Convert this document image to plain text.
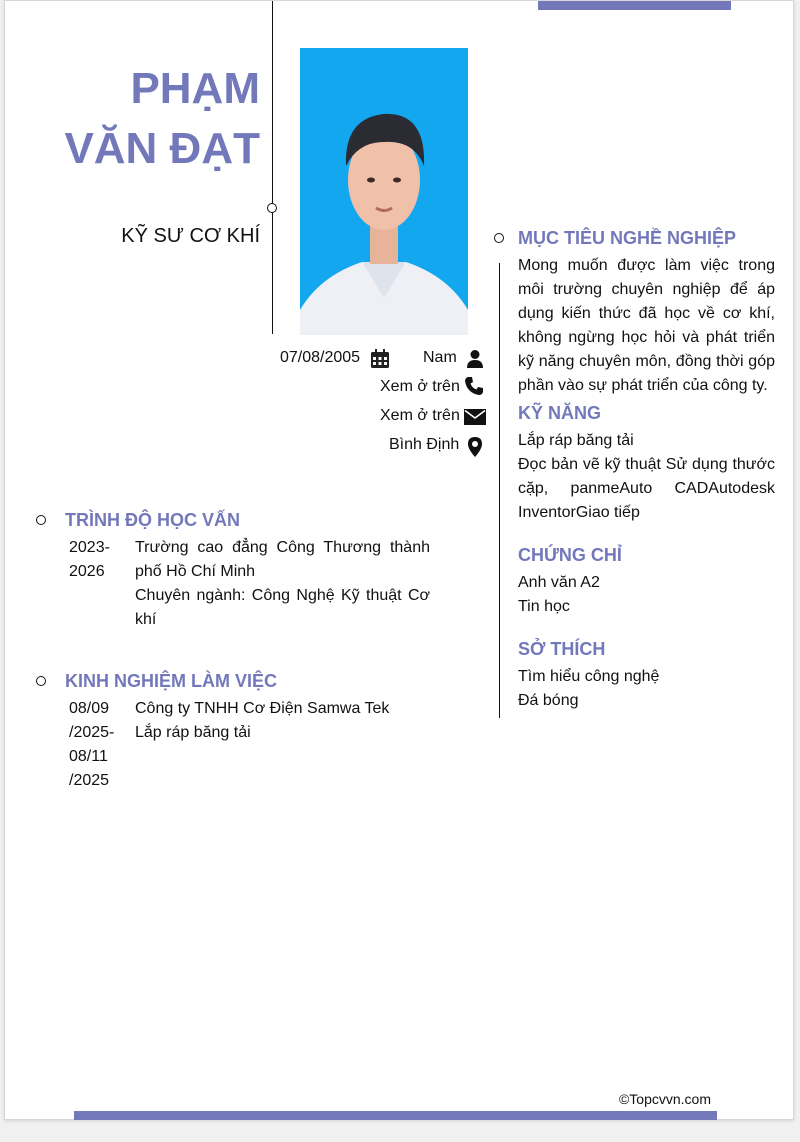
PHẠM
VĂN ĐẠT
KỸ SƯ CƠ KHÍ
07/08/2005	Nam
Xem ở trên
Xem ở trên
Bình Định
MỤC TIÊU NGHỀ NGHIỆP
Mong muốn được làm việc trong môi trường chuyên nghiệp để áp dụng kiến thức đã học về cơ khí, không ngừng học hỏi và phát triển kỹ năng chuyên môn, đồng thời góp phần vào sự phát triển của công ty.
KỸ NĂNG
Lắp ráp băng tải
Đọc bản vẽ kỹ thuật Sử dụng thước cặp, panmeAuto CADAutodesk InventorGiao tiếp
CHỨNG CHỈ
Anh văn A2
Tin học
SỞ THÍCH
Tìm hiểu công nghệ
Đá bóng
TRÌNH ĐỘ HỌC VẤN
2023-
2026
Trường cao đẳng Công Thương thành phố Hồ Chí Minh
Chuyên ngành: Công Nghệ Kỹ thuật Cơ khí
KINH NGHIỆM LÀM VIỆC
08/09
/2025-
08/11
/2025
Công ty TNHH Cơ Điện Samwa Tek
Lắp ráp băng tải
©Topcvvn.com
